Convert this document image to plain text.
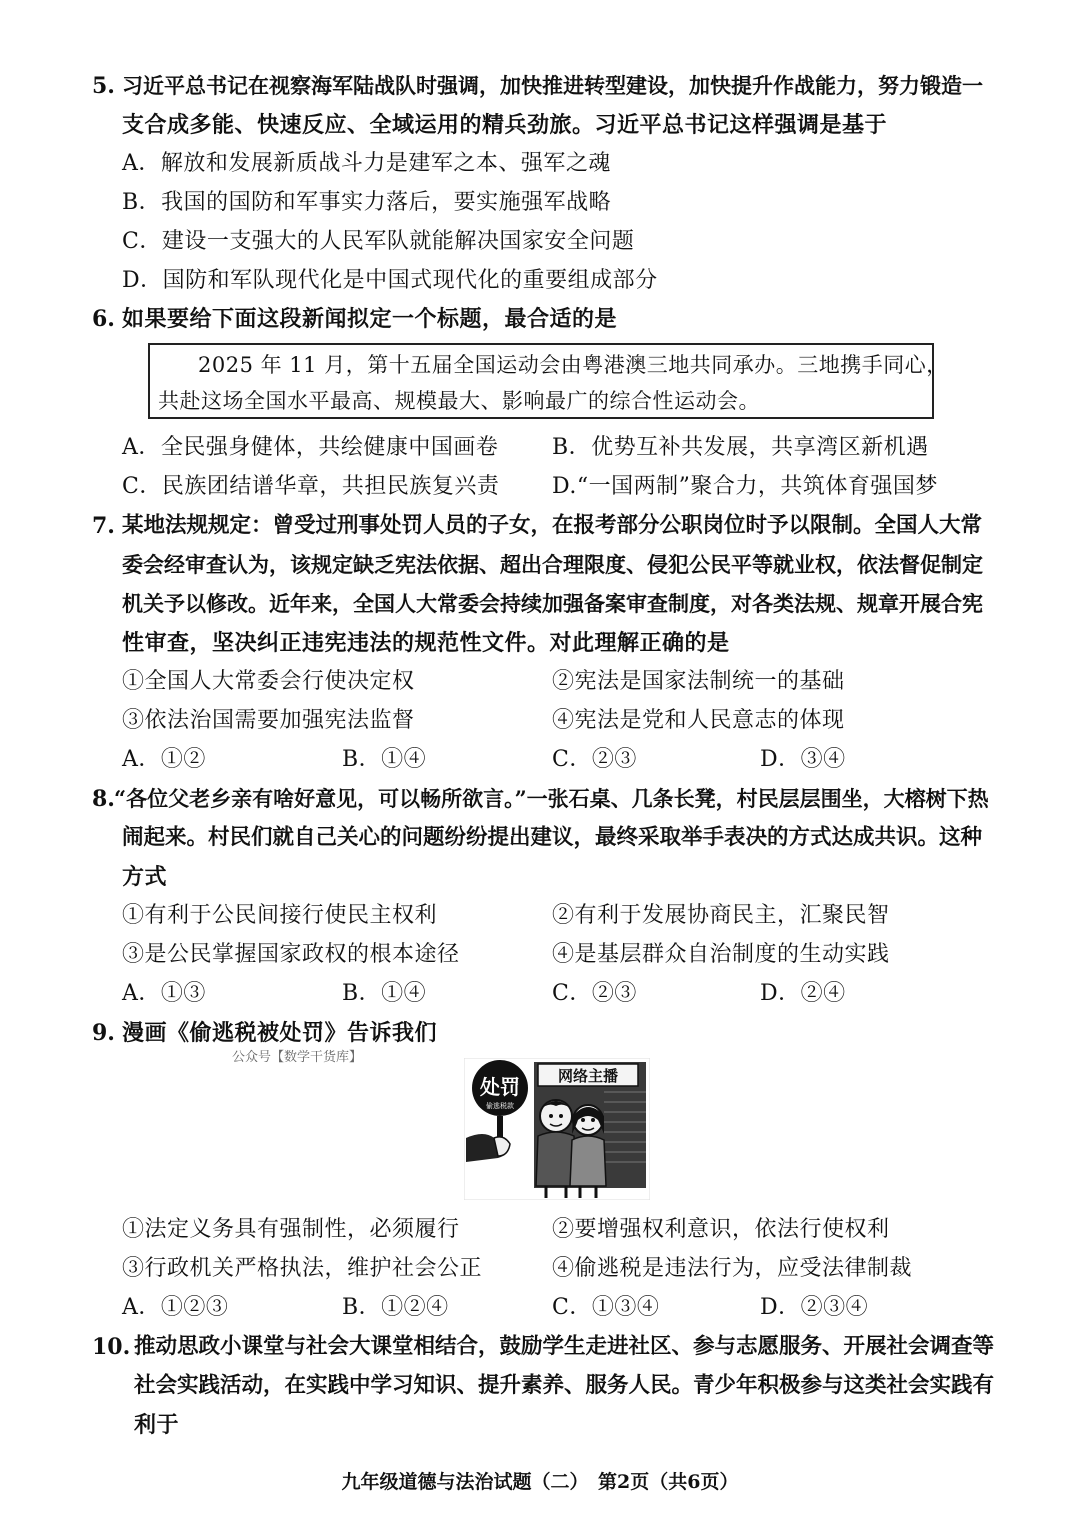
5. 习近平总书记在视察海军陆战队时强调，加快推进转型建设，加快提升作战能力，努力锻造一
支合成多能、快速反应、全域运用的精兵劲旅。习近平总书记这样强调是基于
A．解放和发展新质战斗力是建军之本、强军之魂
B．我国的国防和军事实力落后，要实施强军战略
C．建设一支强大的人民军队就能解决国家安全问题
D．国防和军队现代化是中国式现代化的重要组成部分
6. 如果要给下面这段新闻拟定一个标题，最合适的是
2025 年 11 月，第十五届全国运动会由粤港澳三地共同承办。三地携手同心，
共赴这场全国水平最高、规模最大、影响最广的综合性运动会。
A．全民强身健体，共绘健康中国画卷 B．优势互补共发展，共享湾区新机遇
C．民族团结谱华章，共担民族复兴责 D.“一国两制”聚合力，共筑体育强国梦
7. 某地法规规定：曾受过刑事处罚人员的子女，在报考部分公职岗位时予以限制。全国人大常
委会经审查认为，该规定缺乏宪法依据、超出合理限度、侵犯公民平等就业权，依法督促制定
机关予以修改。近年来，全国人大常委会持续加强备案审查制度，对各类法规、规章开展合宪
性审查，坚决纠正违宪违法的规范性文件。对此理解正确的是
①全国人大常委会行使决定权	②宪法是国家法制统一的基础
③依法治国需要加强宪法监督	④宪法是党和人民意志的体现
A．①②	B．①④	C．②③	D．③④
8. “各位父老乡亲有啥好意见，可以畅所欲言。”一张石桌、几条长凳，村民层层围坐，大榕树下热
闹起来。村民们就自己关心的问题纷纷提出建议，最终采取举手表决的方式达成共识。这种
方式
①有利于公民间接行使民主权利	②有利于发展协商民主，汇聚民智
③是公民掌握国家政权的根本途径	④是基层群众自治制度的生动实践
A．①③	B．①④	C．②③	D．②④
9. 漫画《偷逃税被处罚》告诉我们
公众号【数学干货库】
网络主播
处罚
偷逃税款
①法定义务具有强制性，必须履行	②要增强权利意识，依法行使权利
③行政机关严格执法，维护社会公正	④偷逃税是违法行为，应受法律制裁
A．①②③	B．①②④	C．①③④	D．②③④
10. 推动思政小课堂与社会大课堂相结合，鼓励学生走进社区、参与志愿服务、开展社会调查等
社会实践活动，在实践中学习知识、提升素养、服务人民。青少年积极参与这类社会实践有
利于
九年级道德与法治试题（二）　第2页（共6页）
